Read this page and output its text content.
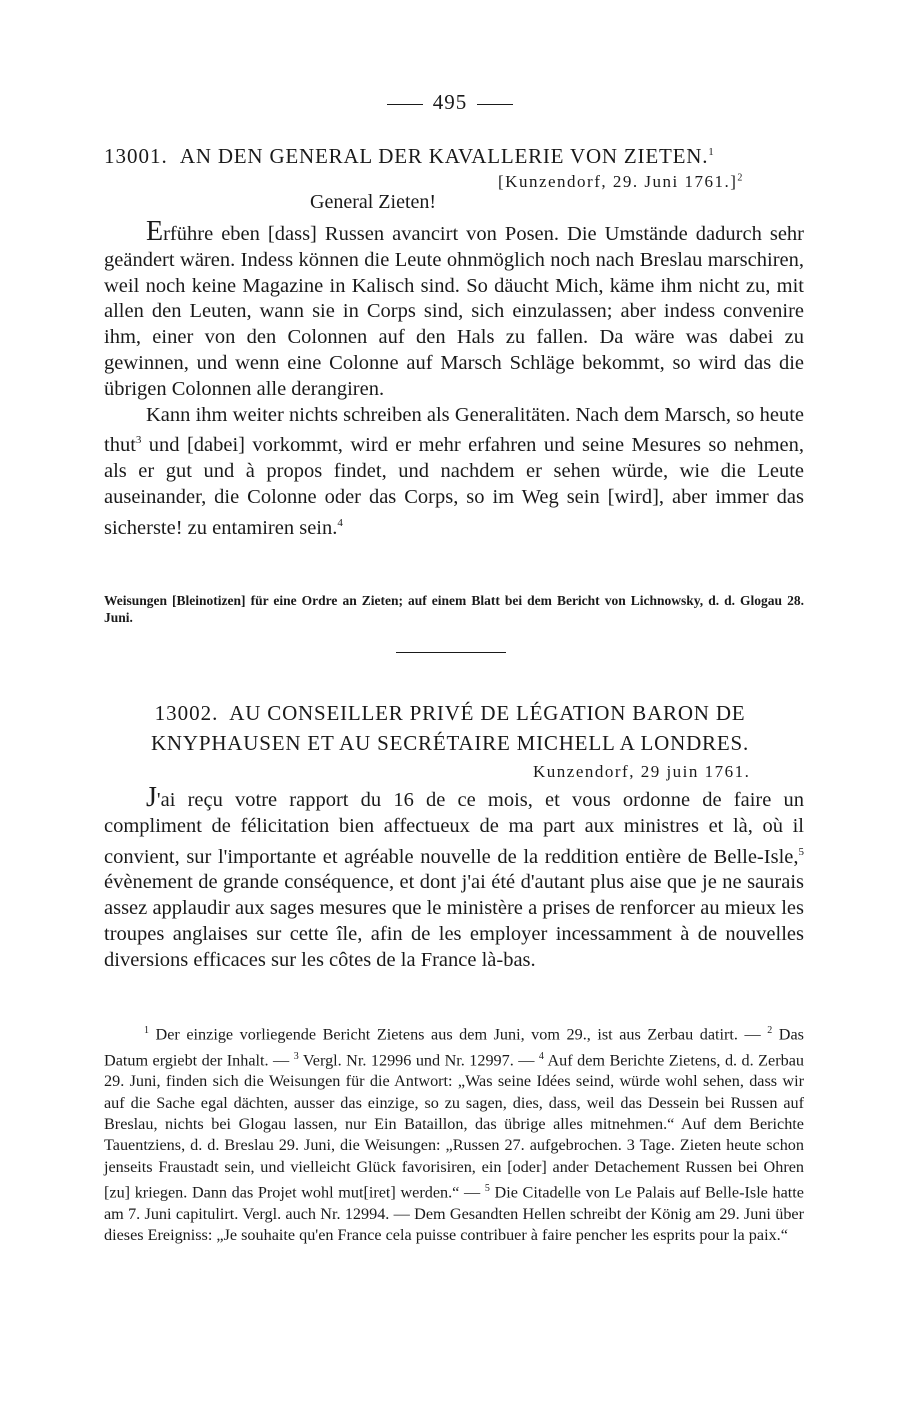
495
13001. AN DEN GENERAL DER KAVALLERIE VON ZIETEN.$^1$
[Kunzendorf, 29. Juni 1761.]$^2$
General Zieten!

Erführe eben [dass] Russen avancirt von Posen. Die Umstände dadurch sehr geändert wären. Indess können die Leute ohnmöglich noch nach Breslau marschiren, weil noch keine Magazine in Kalisch sind. So däucht Mich, käme ihm nicht zu, mit allen den Leuten, wann sie in Corps sind, sich einzulassen; aber indess convenire ihm, einer von den Colonnen auf den Hals zu fallen. Da wäre was dabei zu gewinnen, und wenn eine Colonne auf Marsch Schläge bekommt, so wird das die übrigen Colonnen alle derangiren.

Kann ihm weiter nichts schreiben als Generalitäten. Nach dem Marsch, so heute thut$^3$ und [dabei] vorkommt, wird er mehr erfahren und seine Mesures so nehmen, als er gut und à propos findet, und nachdem er sehen würde, wie die Leute auseinander, die Colonne oder das Corps, so im Weg sein [wird], aber immer das sicherste! zu entamiren sein.$^4$

Weisungen [Bleinotizen] für eine Ordre an Zieten; auf einem Blatt bei dem Bericht von Lichnowsky, d. d. Glogau 28. Juni.
13002. AU CONSEILLER PRIVÉ DE LÉGATION BARON DE
KNYPHAUSEN ET AU SECRÉTAIRE MICHELL A LONDRES.
Kunzendorf, 29 juin 1761.

J'ai reçu votre rapport du 16 de ce mois, et vous ordonne de faire un compliment de félicitation bien affectueux de ma part aux ministres et là, où il convient, sur l'importante et agréable nouvelle de la reddition entière de Belle-Isle,$^5$ évènement de grande conséquence, et dont j'ai été d'autant plus aise que je ne saurais assez applaudir aux sages mesures que le ministère a prises de renforcer au mieux les troupes anglaises sur cette île, afin de les employer incessamment à de nouvelles diversions efficaces sur les côtes de la France là-bas.

$^1$ Der einzige vorliegende Bericht Zietens aus dem Juni, vom 29., ist aus Zerbau datirt. — $^2$ Das Datum ergiebt der Inhalt. — $^3$ Vergl. Nr. 12996 und Nr. 12997. — $^4$ Auf dem Berichte Zietens, d. d. Zerbau 29. Juni, finden sich die Weisungen für die Antwort: „Was seine Idées seind, würde wohl sehen, dass wir auf die Sache egal dächten, ausser das einzige, so zu sagen, dies, dass, weil das Dessein bei Russen auf Breslau, nichts bei Glogau lassen, nur Ein Bataillon, das übrige alles mitnehmen.“ Auf dem Berichte Tauentziens, d. d. Breslau 29. Juni, die Weisungen: „Russen 27. aufgebrochen. 3 Tage. Zieten heute schon jenseits Fraustadt sein, und vielleicht Glück favorisiren, ein [oder] ander Detachement Russen bei Ohren [zu] kriegen. Dann das Projet wohl mut[iret] werden.“ — $^5$ Die Citadelle von Le Palais auf Belle-Isle hatte am 7. Juni capitulirt. Vergl. auch Nr. 12994. — Dem Gesandten Hellen schreibt der König am 29. Juni über dieses Ereigniss: „Je souhaite qu'en France cela puisse contribuer à faire pencher les esprits pour la paix.“
